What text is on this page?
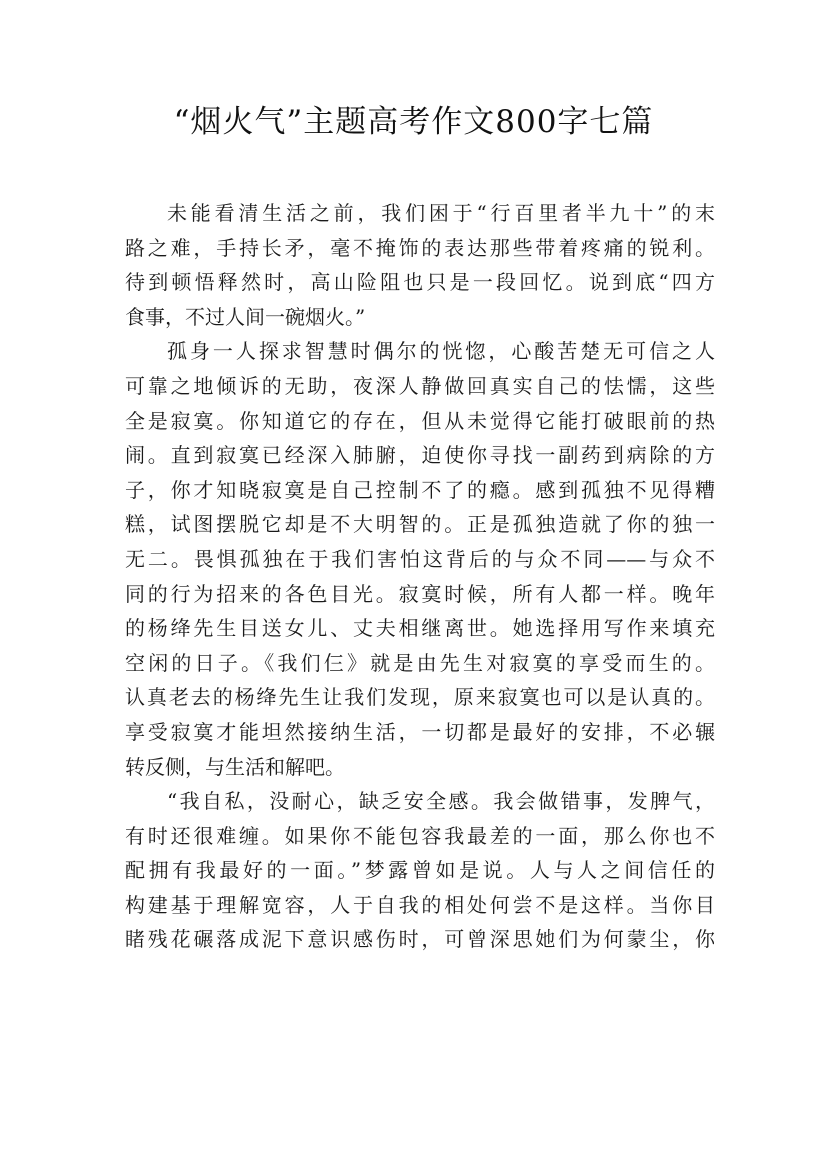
“烟火气”主题高考作文800字七篇
未能看清生活之前，我们困于“行百里者半九十”的末
路之难，手持长矛，毫不掩饰的表达那些带着疼痛的锐利。
待到顿悟释然时，高山险阻也只是一段回忆。说到底“四方
食事，不过人间一碗烟火。”
孤身一人探求智慧时偶尔的恍惚，心酸苦楚无可信之人
可靠之地倾诉的无助，夜深人静做回真实自己的怯懦，这些
全是寂寞。你知道它的存在，但从未觉得它能打破眼前的热
闹。直到寂寞已经深入肺腑，迫使你寻找一副药到病除的方
子，你才知晓寂寞是自己控制不了的瘾。感到孤独不见得糟
糕，试图摆脱它却是不大明智的。正是孤独造就了你的独一
无二。畏惧孤独在于我们害怕这背后的与众不同——与众不
同的行为招来的各色目光。寂寞时候，所有人都一样。晚年
的杨绛先生目送女儿、丈夫相继离世。她选择用写作来填充
空闲的日子。《我们仨》就是由先生对寂寞的享受而生的。
认真老去的杨绛先生让我们发现，原来寂寞也可以是认真的。
享受寂寞才能坦然接纳生活，一切都是最好的安排，不必辗
转反侧，与生活和解吧。
“我自私，没耐心，缺乏安全感。我会做错事，发脾气，
有时还很难缠。如果你不能包容我最差的一面，那么你也不
配拥有我最好的一面。”梦露曾如是说。人与人之间信任的
构建基于理解宽容，人于自我的相处何尝不是这样。当你目
睹残花碾落成泥下意识感伤时，可曾深思她们为何蒙尘，你
